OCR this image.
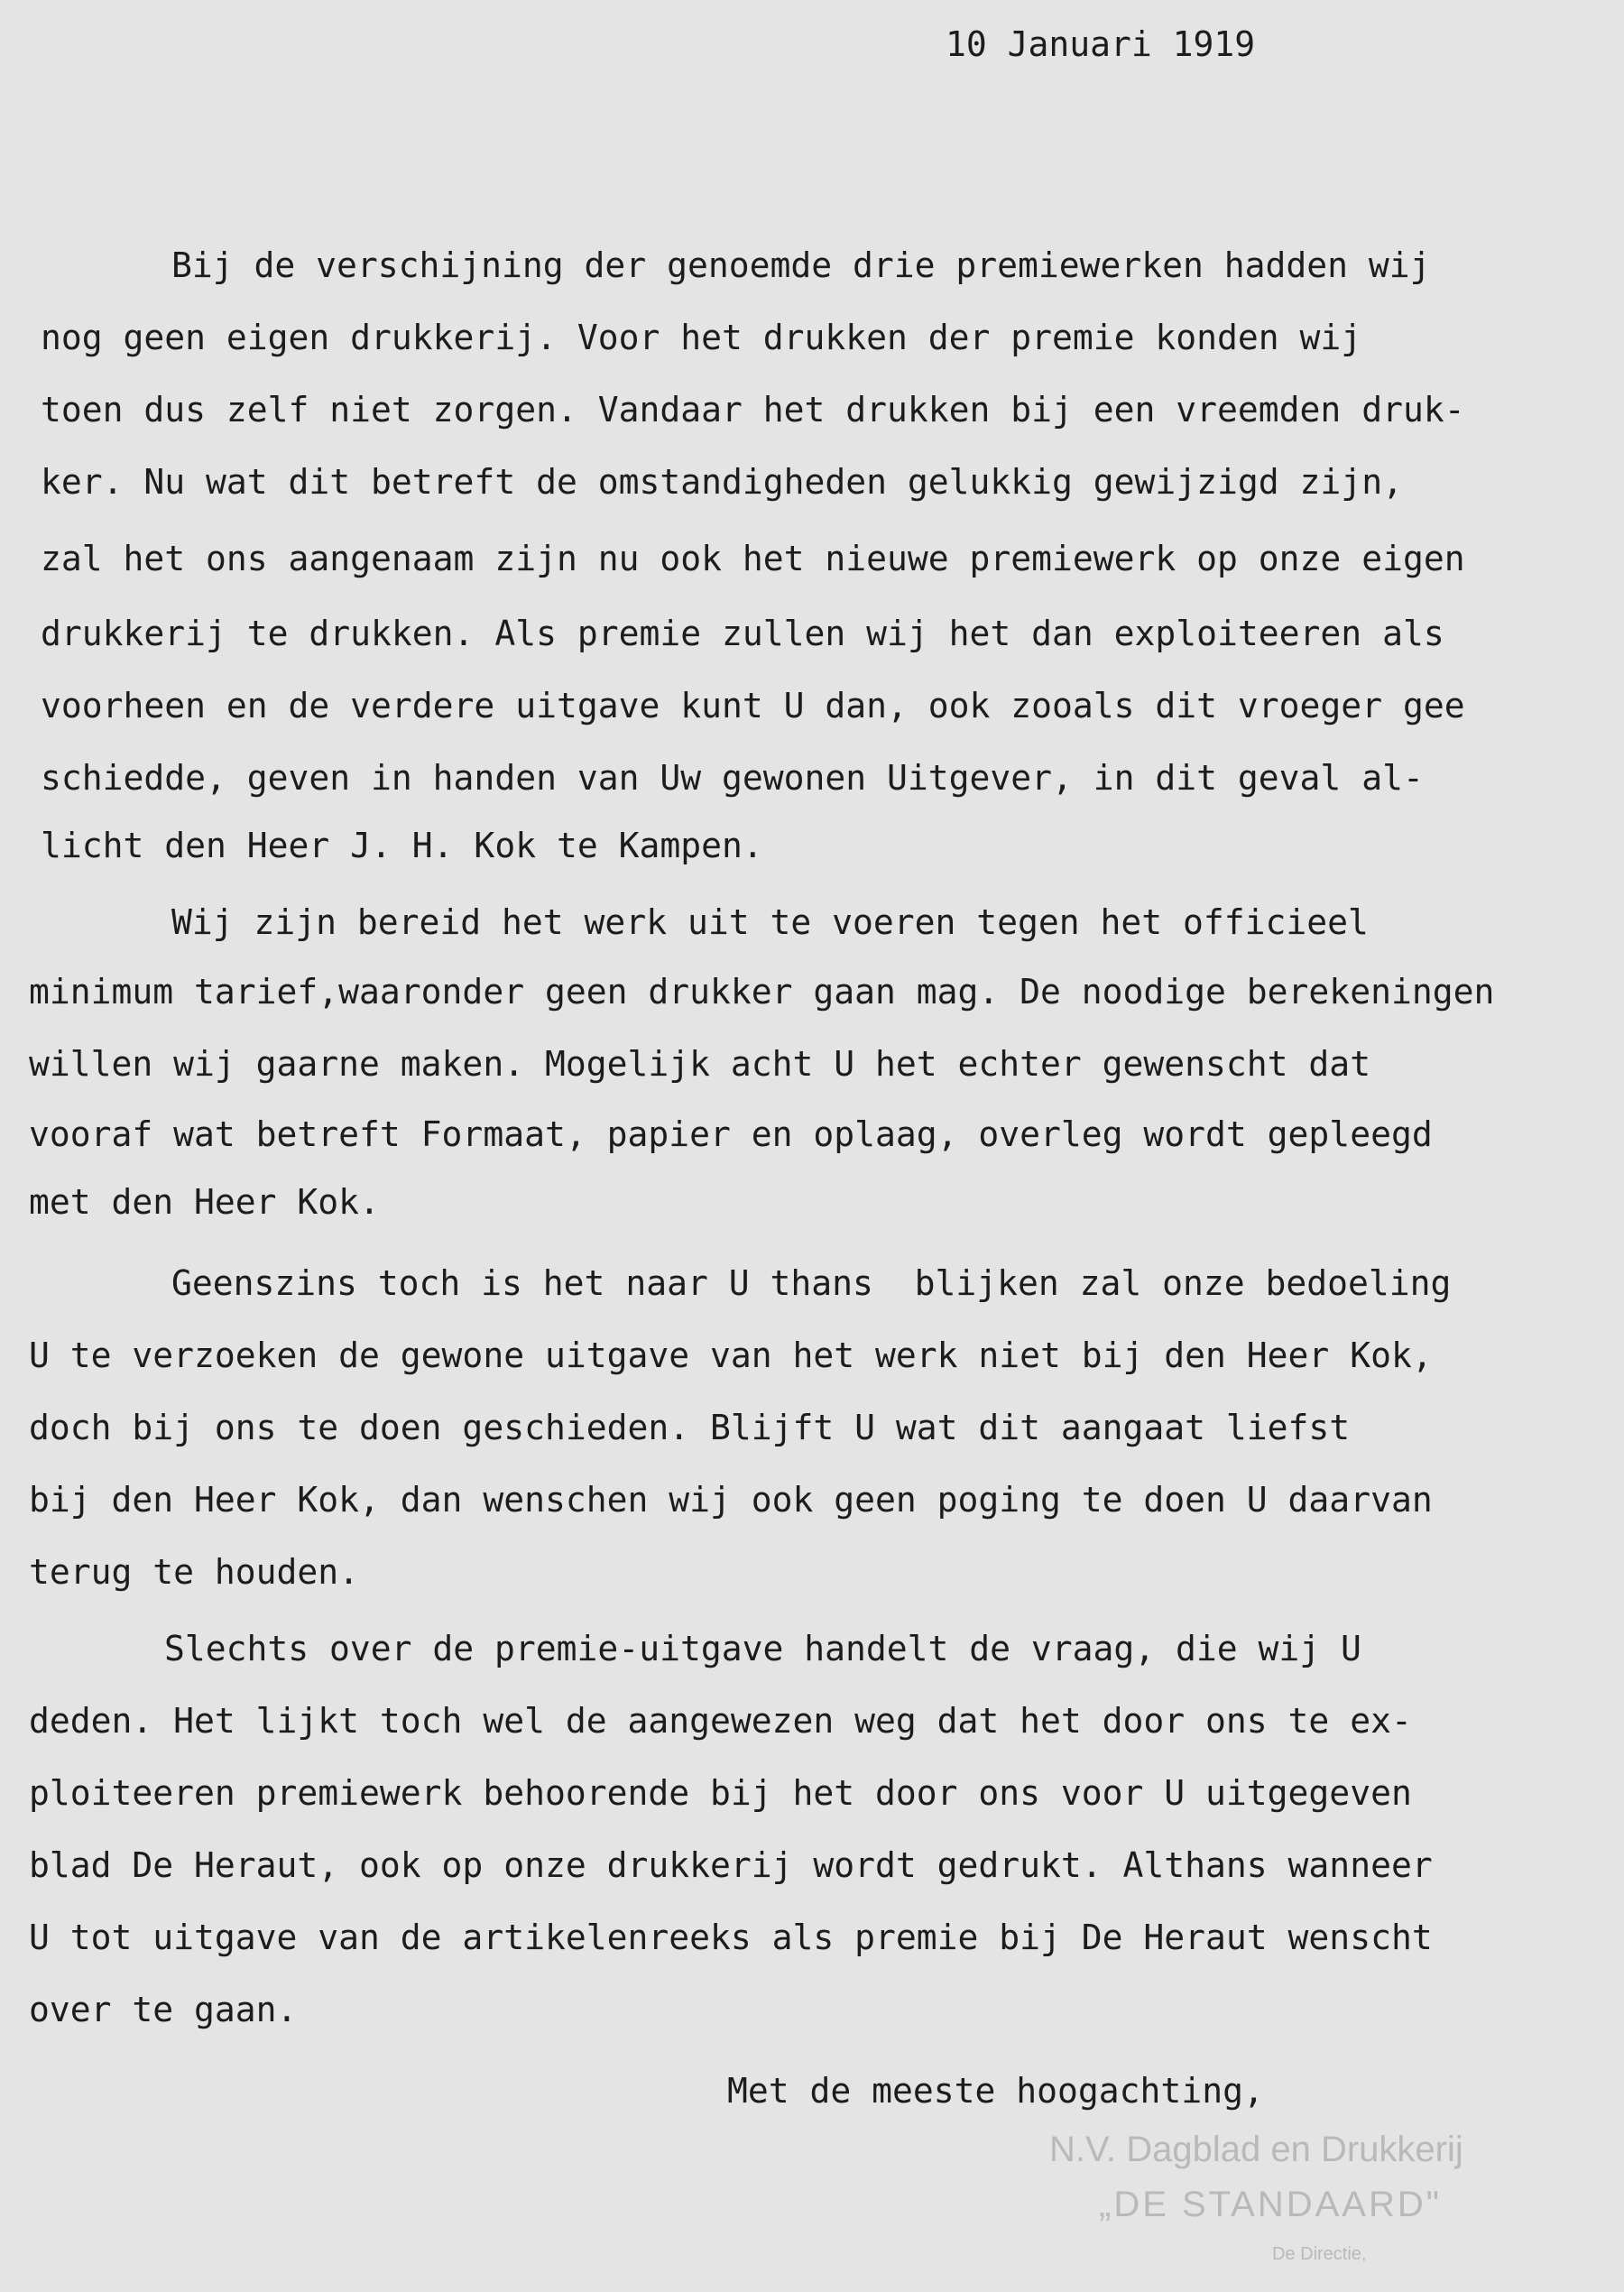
10 Januari 1919
Bij de verschijning der genoemde drie premiewerken hadden wij
nog geen eigen drukkerij. Voor het drukken der premie konden wij
toen dus zelf niet zorgen. Vandaar het drukken bij een vreemden druk-
ker. Nu wat dit betreft de omstandigheden gelukkig gewijzigd zijn,
zal het ons aangenaam zijn nu ook het nieuwe premiewerk op onze eigen
drukkerij te drukken. Als premie zullen wij het dan exploiteeren als
voorheen en de verdere uitgave kunt U dan, ook zooals dit vroeger gee
schiedde, geven in handen van Uw gewonen Uitgever, in dit geval al-
licht den Heer J. H. Kok te Kampen.
Wij zijn bereid het werk uit te voeren tegen het officieel
minimum tarief,waaronder geen drukker gaan mag. De noodige berekeningen
willen wij gaarne maken. Mogelijk acht U het echter gewenscht dat
vooraf wat betreft Formaat, papier en oplaag, overleg wordt gepleegd
met den Heer Kok.
Geenszins toch is het naar U thans  blijken zal onze bedoeling
U te verzoeken de gewone uitgave van het werk niet bij den Heer Kok,
doch bij ons te doen geschieden. Blijft U wat dit aangaat liefst
bij den Heer Kok, dan wenschen wij ook geen poging te doen U daarvan
terug te houden.
Slechts over de premie-uitgave handelt de vraag, die wij U
deden. Het lijkt toch wel de aangewezen weg dat het door ons te ex-
ploiteeren premiewerk behoorende bij het door ons voor U uitgegeven
blad De Heraut, ook op onze drukkerij wordt gedrukt. Althans wanneer
U tot uitgave van de artikelenreeks als premie bij De Heraut wenscht
over te gaan.
Met de meeste hoogachting,
N.V. Dagblad en Drukkerij
„DE STANDAARD"
De Directie,
